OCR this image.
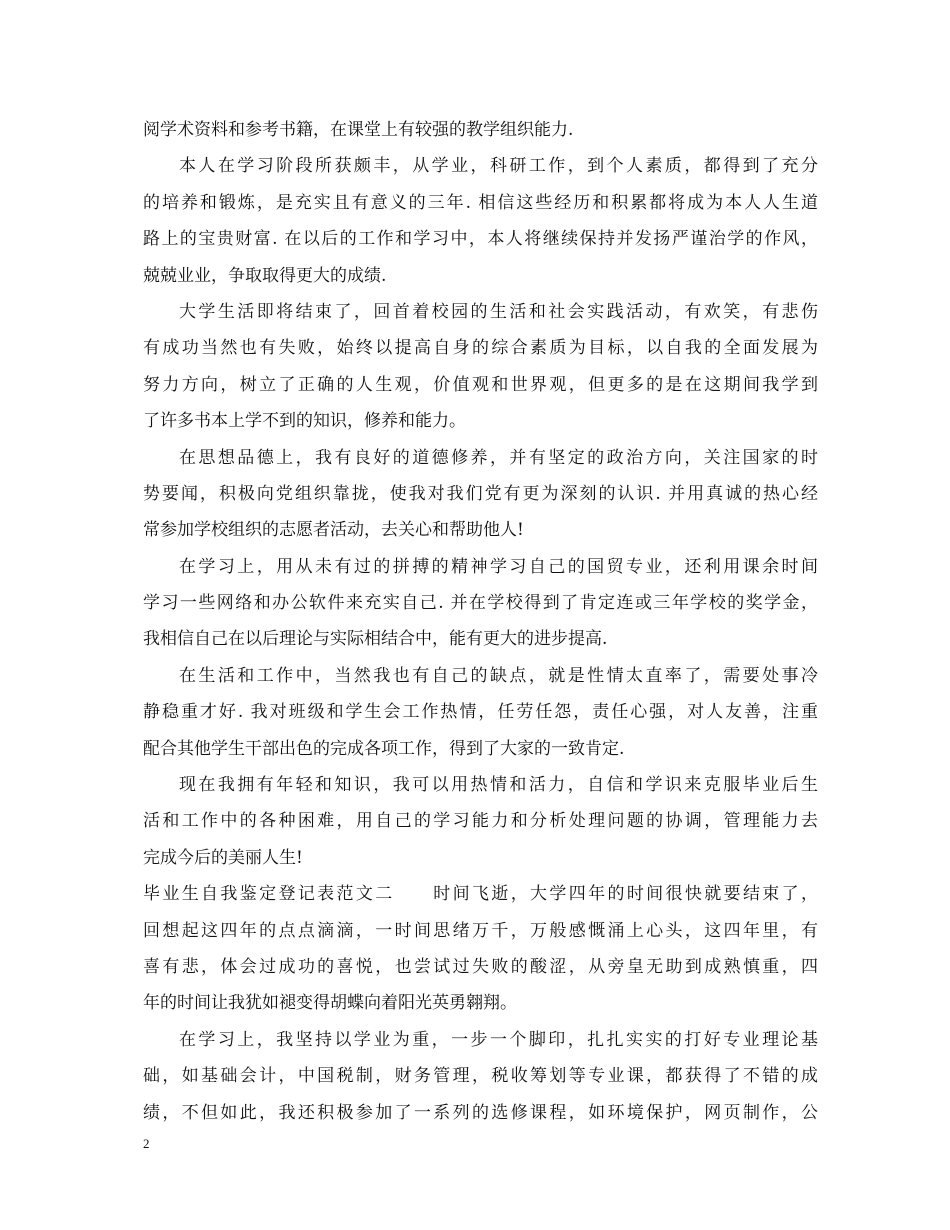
阅学术资料和参考书籍，在课堂上有较强的教学组织能力.
本人在学习阶段所获颇丰，从学业，科研工作，到个人素质，都得到了充分
的培养和锻炼，是充实且有意义的三年. 相信这些经历和积累都将成为本人人生道
路上的宝贵财富. 在以后的工作和学习中，本人将继续保持并发扬严谨治学的作风，
兢兢业业，争取取得更大的成绩.
大学生活即将结束了，回首着校园的生活和社会实践活动，有欢笑，有悲伤
有成功当然也有失败，始终以提高自身的综合素质为目标，以自我的全面发展为
努力方向，树立了正确的人生观，价值观和世界观，但更多的是在这期间我学到
了许多书本上学不到的知识，修养和能力。
在思想品德上，我有良好的道德修养，并有坚定的政治方向，关注国家的时
势要闻，积极向党组织靠拢，使我对我们党有更为深刻的认识. 并用真诚的热心经
常参加学校组织的志愿者活动，去关心和帮助他人!
在学习上，用从未有过的拼搏的精神学习自己的国贸专业，还利用课余时间
学习一些网络和办公软件来充实自己. 并在学校得到了肯定连或三年学校的奖学金，
我相信自己在以后理论与实际相结合中，能有更大的进步提高.
在生活和工作中，当然我也有自己的缺点，就是性情太直率了，需要处事冷
静稳重才好. 我对班级和学生会工作热情，任劳任怨，责任心强，对人友善，注重
配合其他学生干部出色的完成各项工作，得到了大家的一致肯定.
现在我拥有年轻和知识，我可以用热情和活力，自信和学识来克服毕业后生
活和工作中的各种困难，用自己的学习能力和分析处理问题的协调，管理能力去
完成今后的美丽人生!
毕业生自我鉴定登记表范文二　　时间飞逝，大学四年的时间很快就要结束了，
回想起这四年的点点滴滴，一时间思绪万千，万般感慨涌上心头，这四年里，有
喜有悲，体会过成功的喜悦，也尝试过失败的酸涩，从旁皇无助到成熟慎重，四
年的时间让我犹如褪变得胡蝶向着阳光英勇翱翔。
在学习上，我坚持以学业为重，一步一个脚印，扎扎实实的打好专业理论基
础，如基础会计，中国税制，财务管理，税收筹划等专业课，都获得了不错的成
绩，不但如此，我还积极参加了一系列的选修课程，如环境保护，网页制作，公
2
